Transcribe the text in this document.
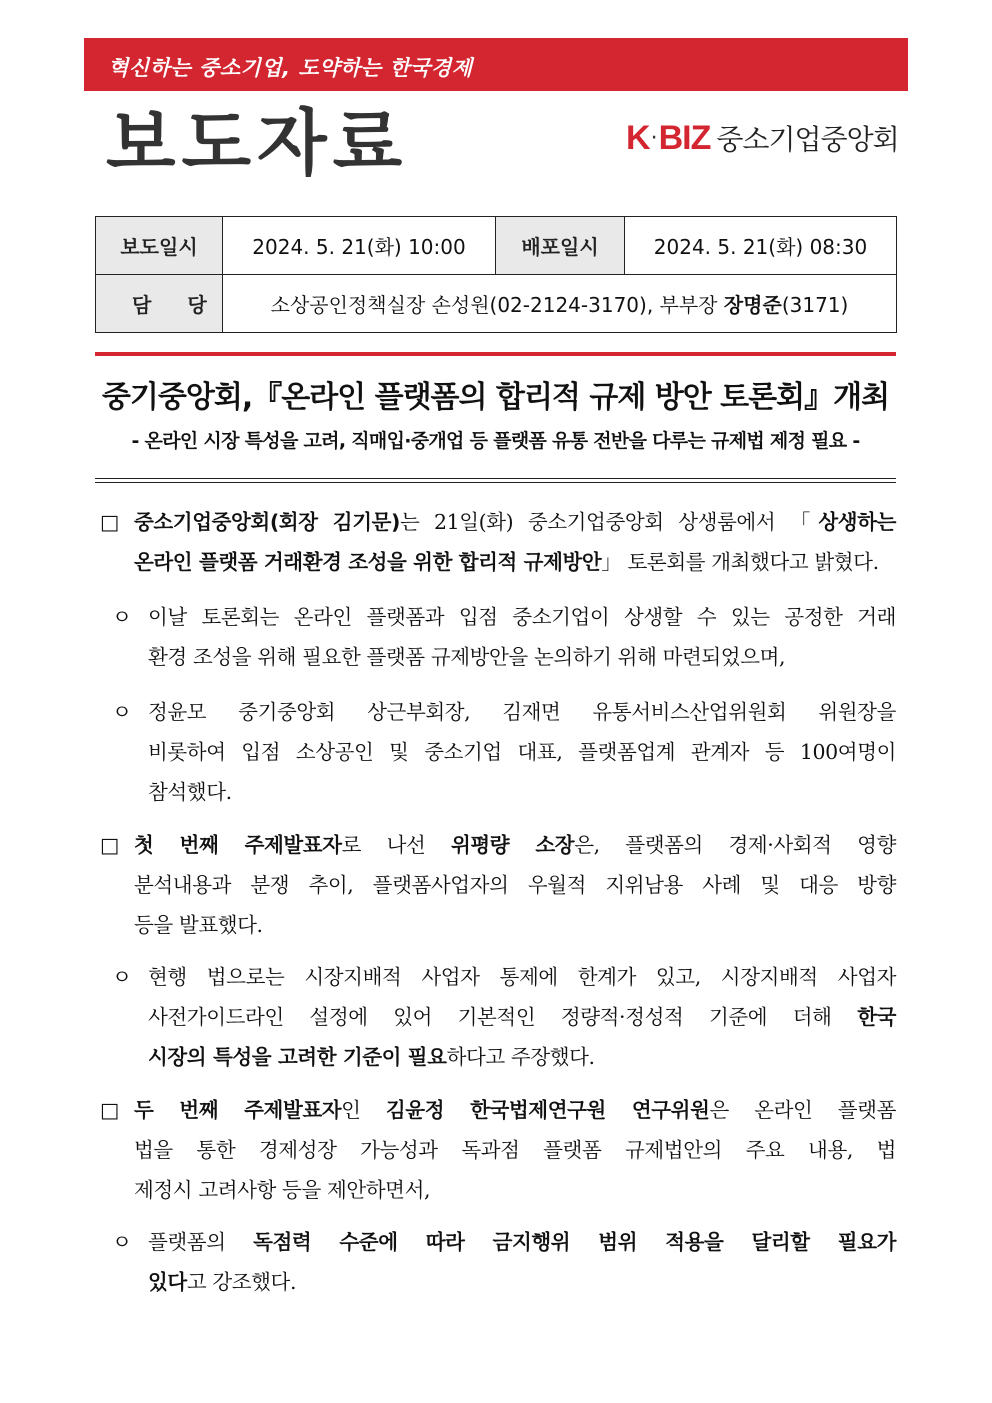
혁신하는 중소기업, 도약하는 한국경제
보도자료	K · BIZ 중소기업중앙회
보도일시	2024. 5. 21(화) 10:00	배포일시	2024. 5. 21(화) 08:30
담당	소상공인정책실장 손성원(02-2124-3170), 부부장 장명준(3171)		
중기중앙회,『온라인 플랫폼의 합리적 규제 방안 토론회』개최
- 온라인 시장 특성을 고려, 직매입·중개업 등 플랫폼 유통 전반을 다루는 규제법 제정 필요 -
□ 중소기업중앙회(회장 김기문)는 21일(화) 중소기업중앙회 상생룸에서 「상생하는
온라인 플랫폼 거래환경 조성을 위한 합리적 규제방안」 토론회를 개최했다고 밝혔다.
ㅇ 이날 토론회는 온라인 플랫폼과 입점 중소기업이 상생할 수 있는 공정한 거래
환경 조성을 위해 필요한 플랫폼 규제방안을 논의하기 위해 마련되었으며,
ㅇ 정윤모 중기중앙회 상근부회장, 김재면 유통서비스산업위원회 위원장을
비롯하여 입점 소상공인 및 중소기업 대표, 플랫폼업계 관계자 등 100여명이
참석했다.
□ 첫 번째 주제발표자로 나선 위평량 소장은, 플랫폼의 경제·사회적 영향
분석내용과 분쟁 추이, 플랫폼사업자의 우월적 지위남용 사례 및 대응 방향
등을 발표했다.
ㅇ 현행 법으로는 시장지배적 사업자 통제에 한계가 있고, 시장지배적 사업자
사전가이드라인 설정에 있어 기본적인 정량적·정성적 기준에 더해 한국
시장의 특성을 고려한 기준이 필요하다고 주장했다.
□ 두 번째 주제발표자인 김윤정 한국법제연구원 연구위원은 온라인 플랫폼
법을 통한 경제성장 가능성과 독과점 플랫폼 규제법안의 주요 내용, 법
제정시 고려사항 등을 제안하면서,
ㅇ 플랫폼의 독점력 수준에 따라 금지행위 범위 적용을 달리할 필요가
있다고 강조했다.
